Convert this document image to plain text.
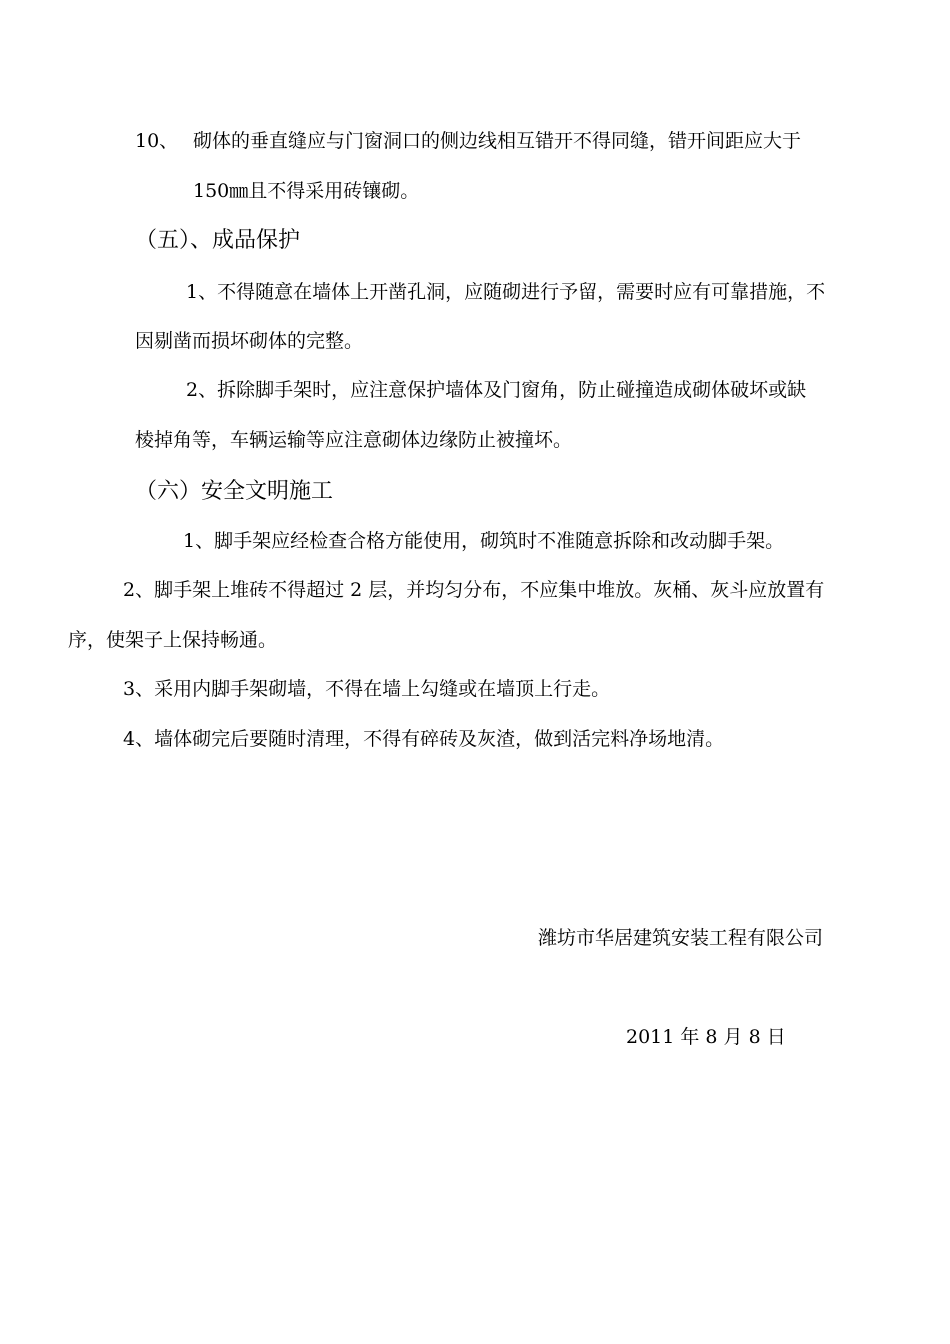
10、 砌体的垂直缝应与门窗洞口的侧边线相互错开不得同缝，错开间距应大于
150㎜且不得采用砖镶砌。
（五）、成品保护
1、不得随意在墙体上开凿孔洞，应随砌进行予留，需要时应有可靠措施，不
因剔凿而损坏砌体的完整。
2、拆除脚手架时，应注意保护墙体及门窗角，防止碰撞造成砌体破坏或缺
棱掉角等，车辆运输等应注意砌体边缘防止被撞坏。
（六）安全文明施工
1、脚手架应经检查合格方能使用，砌筑时不准随意拆除和改动脚手架。
2、脚手架上堆砖不得超过 2 层，并均匀分布，不应集中堆放。灰桶、灰斗应放置有
序，使架子上保持畅通。
3、采用内脚手架砌墙，不得在墙上勾缝或在墙顶上行走。
4、墙体砌完后要随时清理，不得有碎砖及灰渣，做到活完料净场地清。
潍坊市华居建筑安装工程有限公司
2011 年 8 月 8 日
